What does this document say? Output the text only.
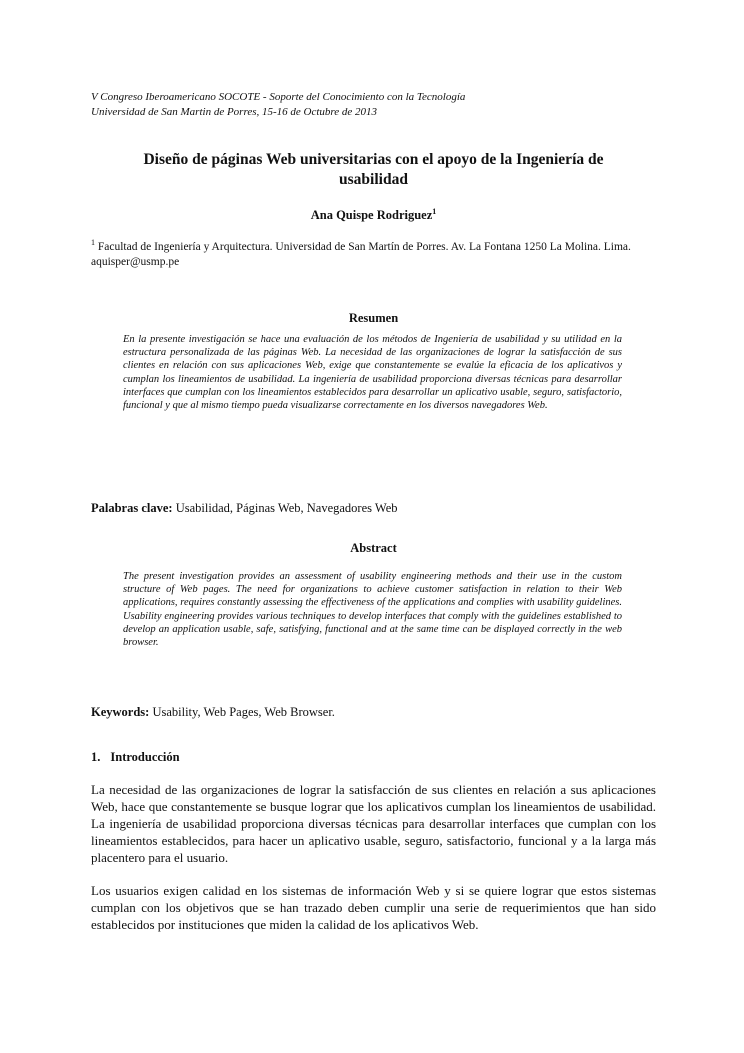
V Congreso Iberoamericano SOCOTE - Soporte del Conocimiento con la Tecnología
Universidad de San Martin de Porres, 15-16 de Octubre de 2013
Diseño de páginas Web universitarias con el apoyo de la Ingeniería de
usabilidad
Ana Quispe Rodriguez$^1$
$^1$ Facultad de Ingeniería y Arquitectura. Universidad de San Martín de Porres. Av. La Fontana 1250 La Molina. Lima. aquisper@usmp.pe
Resumen
En la presente investigación se hace una evaluación de los métodos de Ingeniería de usabilidad y su utilidad en la estructura personalizada de las páginas Web. La necesidad de las organizaciones de lograr la satisfacción de sus clientes en relación con sus aplicaciones Web, exige que constantemente se evalúe la eficacia de los aplicativos y cumplan los lineamientos de usabilidad. La ingeniería de usabilidad proporciona diversas técnicas para desarrollar interfaces que cumplan con los lineamientos establecidos para desarrollar un aplicativo usable, seguro, satisfactorio, funcional y que al mismo tiempo pueda visualizarse correctamente en los diversos navegadores Web.
Palabras clave: Usabilidad, Páginas Web, Navegadores Web
Abstract
The present investigation provides an assessment of usability engineering methods and their use in the custom structure of Web pages. The need for organizations to achieve customer satisfaction in relation to their Web applications, requires constantly assessing the effectiveness of the applications and complies with usability guidelines. Usability engineering provides various techniques to develop interfaces that comply with the guidelines established to develop an application usable, safe, satisfying, functional and at the same time can be displayed correctly in the web browser.
Keywords: Usability, Web Pages, Web Browser.
1. Introducción
La necesidad de las organizaciones de lograr la satisfacción de sus clientes en relación a sus aplicaciones Web, hace que constantemente se busque lograr que los aplicativos cumplan los lineamientos de usabilidad. La ingeniería de usabilidad proporciona diversas técnicas para desarrollar interfaces que cumplan con los lineamientos establecidos, para hacer un aplicativo usable, seguro, satisfactorio, funcional y a la larga más placentero para el usuario.
Los usuarios exigen calidad en los sistemas de información Web y si se quiere lograr que estos sistemas cumplan con los objetivos que se han trazado deben cumplir una serie de requerimientos que han sido establecidos por instituciones que miden la calidad de los aplicativos Web.
